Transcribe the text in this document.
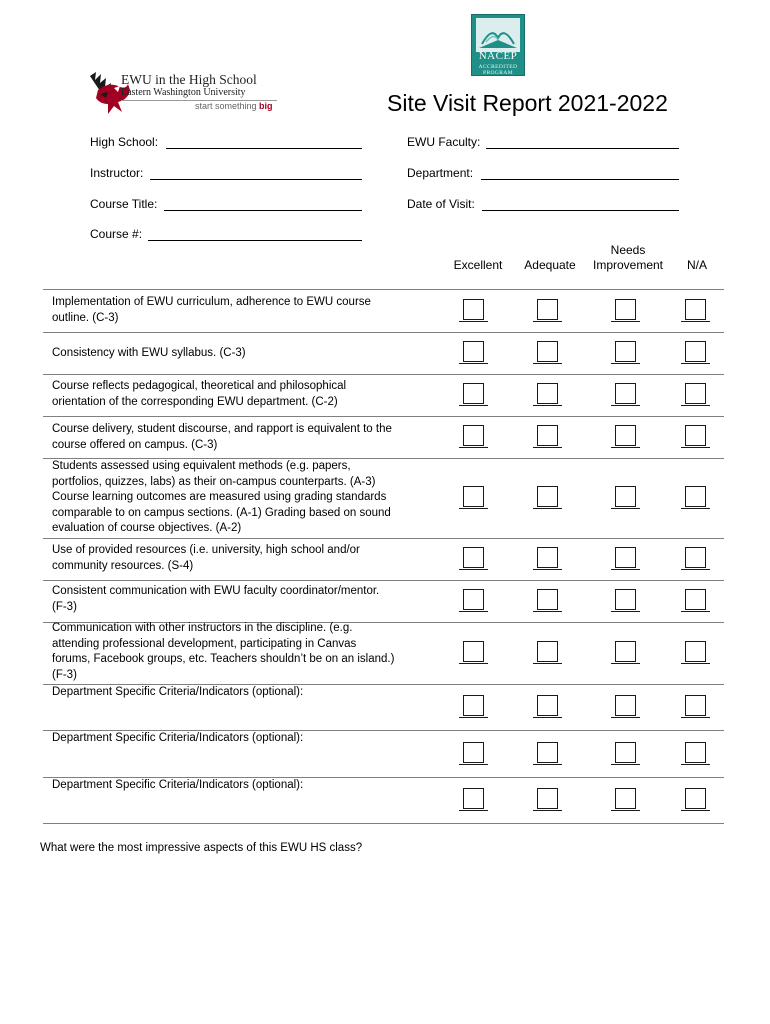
NACEP
ACCREDITED
PROGRAM
EWU in the High School
Eastern Washington University
start something big	Site Visit Report 2021-2022
High School:
Instructor:
Course Title:
Course #:
EWU Faculty:
Department:
Date of Visit:
Excellent	Adequate
Needs
Improvement	N/A
Implementation of EWU curriculum, adherence to EWU course
outline. (C-3)
Consistency with EWU syllabus. (C-3)
Course reflects pedagogical, theoretical and philosophical
orientation of the corresponding EWU department. (C-2)
Course delivery, student discourse, and rapport is equivalent to the
course offered on campus. (C-3)
Students assessed using equivalent methods (e.g. papers,
portfolios, quizzes, labs) as their on-campus counterparts. (A-3)
Course learning outcomes are measured using grading standards
comparable to on campus sections. (A-1) Grading based on sound
evaluation of course objectives. (A-2)
Use of provided resources (i.e. university, high school and/or
community resources. (S-4)
Consistent communication with EWU faculty coordinator/mentor.
(F-3)
Communication with other instructors in the discipline. (e.g.
attending professional development, participating in Canvas
forums, Facebook groups, etc. Teachers shouldn’t be on an island.)
(F-3)
Department Specific Criteria/Indicators (optional):
Department Specific Criteria/Indicators (optional):
Department Specific Criteria/Indicators (optional):
What were the most impressive aspects of this EWU HS class?
